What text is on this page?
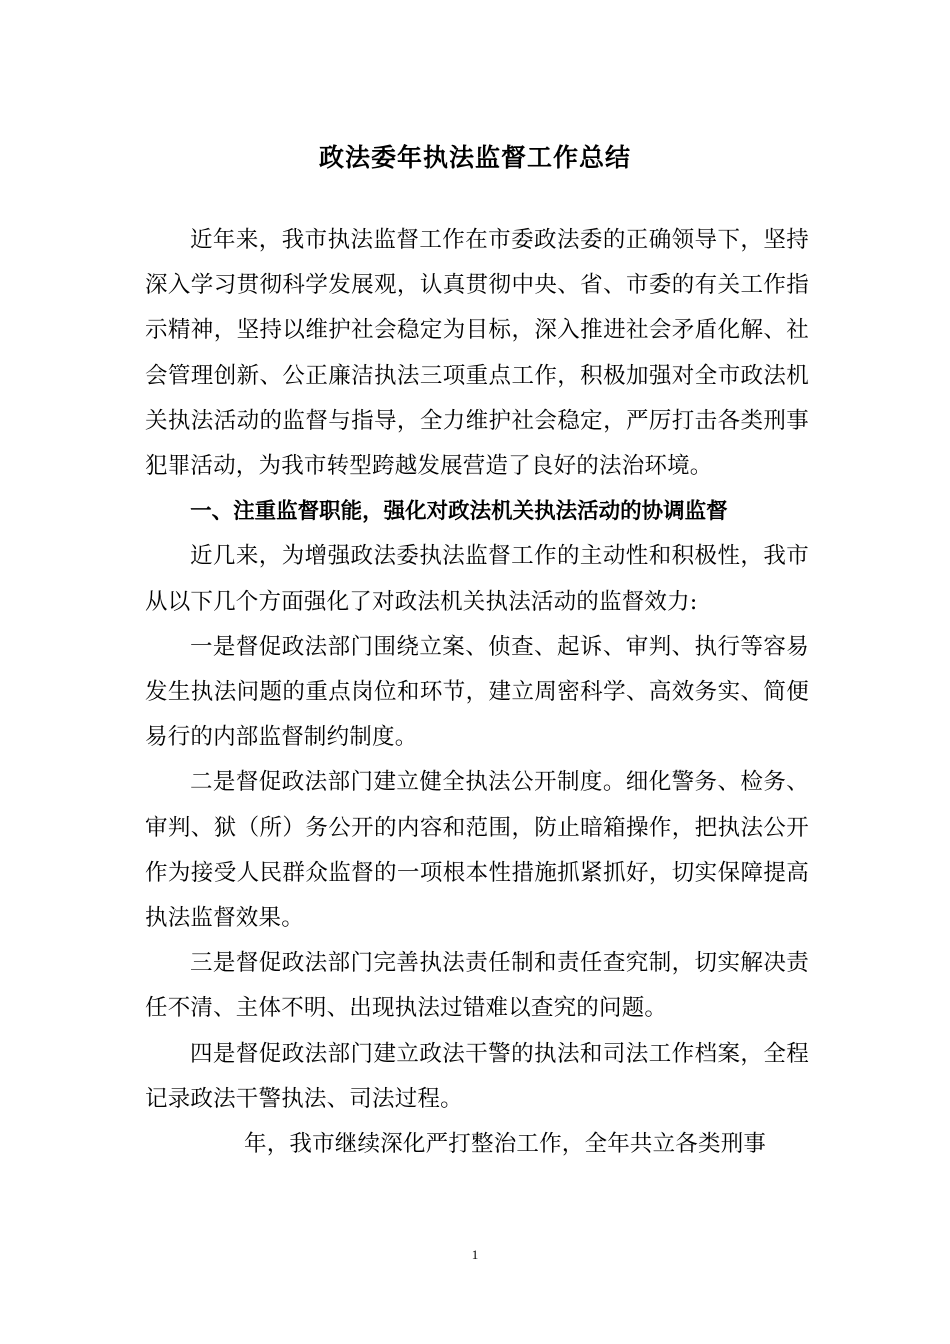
政法委年执法监督工作总结

近年来，我市执法监督工作在市委政法委的正确领导下，坚持深入学习贯彻科学发展观，认真贯彻中央、省、市委的有关工作指示精神，坚持以维护社会稳定为目标，深入推进社会矛盾化解、社会管理创新、公正廉洁执法三项重点工作，积极加强对全市政法机关执法活动的监督与指导，全力维护社会稳定，严厉打击各类刑事犯罪活动，为我市转型跨越发展营造了良好的法治环境。

一、注重监督职能，强化对政法机关执法活动的协调监督

近几来，为增强政法委执法监督工作的主动性和积极性，我市从以下几个方面强化了对政法机关执法活动的监督效力:

一是督促政法部门围绕立案、侦查、起诉、审判、执行等容易发生执法问题的重点岗位和环节，建立周密科学、高效务实、简便易行的内部监督制约制度。

二是督促政法部门建立健全执法公开制度。细化警务、检务、审判、狱（所）务公开的内容和范围，防止暗箱操作，把执法公开作为接受人民群众监督的一项根本性措施抓紧抓好，切实保障提高执法监督效果。

三是督促政法部门完善执法责任制和责任查究制，切实解决责任不清、主体不明、出现执法过错难以查究的问题。

四是督促政法部门建立政法干警的执法和司法工作档案，全程记录政法干警执法、司法过程。

年，我市继续深化严打整治工作，全年共立各类刑事

1
